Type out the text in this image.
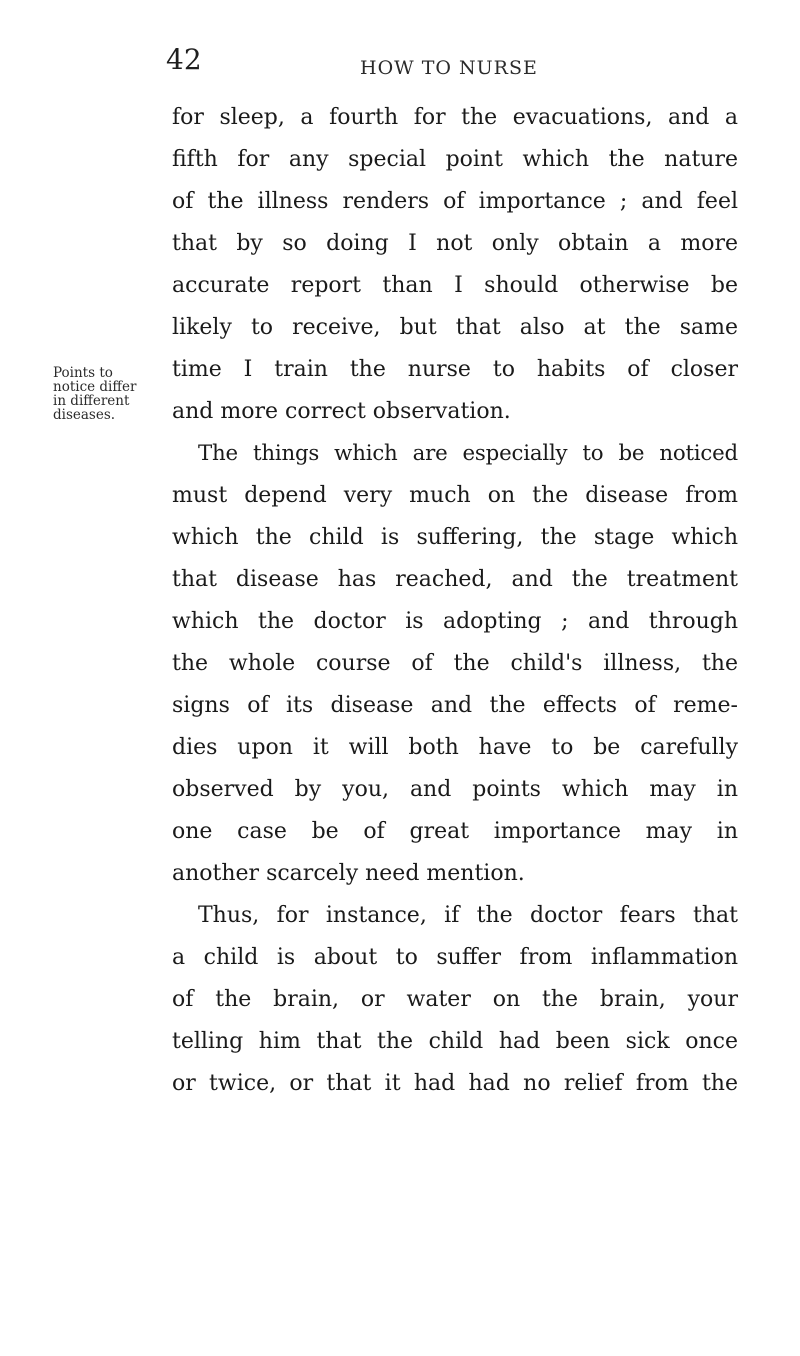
42	HOW TO NURSE
Points to
notice differ
in different
diseases.
for sleep, a fourth for the evacuations, and a
fifth for any special point which the nature
of the illness renders of importance ; and feel
that by so doing I not only obtain a more
accurate report than I should otherwise be
likely to receive, but that also at the same
time I train the nurse to habits of closer
and more correct observation.
The things which are especially to be noticed
must depend very much on the disease from
which the child is suffering, the stage which
that disease has reached, and the treatment
which the doctor is adopting ; and through
the whole course of the child's illness, the
signs of its disease and the effects of reme-
dies upon it will both have to be carefully
observed by you, and points which may in
one case be of great importance may in
another scarcely need mention.
Thus, for instance, if the doctor fears that
a child is about to suffer from inflammation
of the brain, or water on the brain, your
telling him that the child had been sick once
or twice, or that it had had no relief from the
